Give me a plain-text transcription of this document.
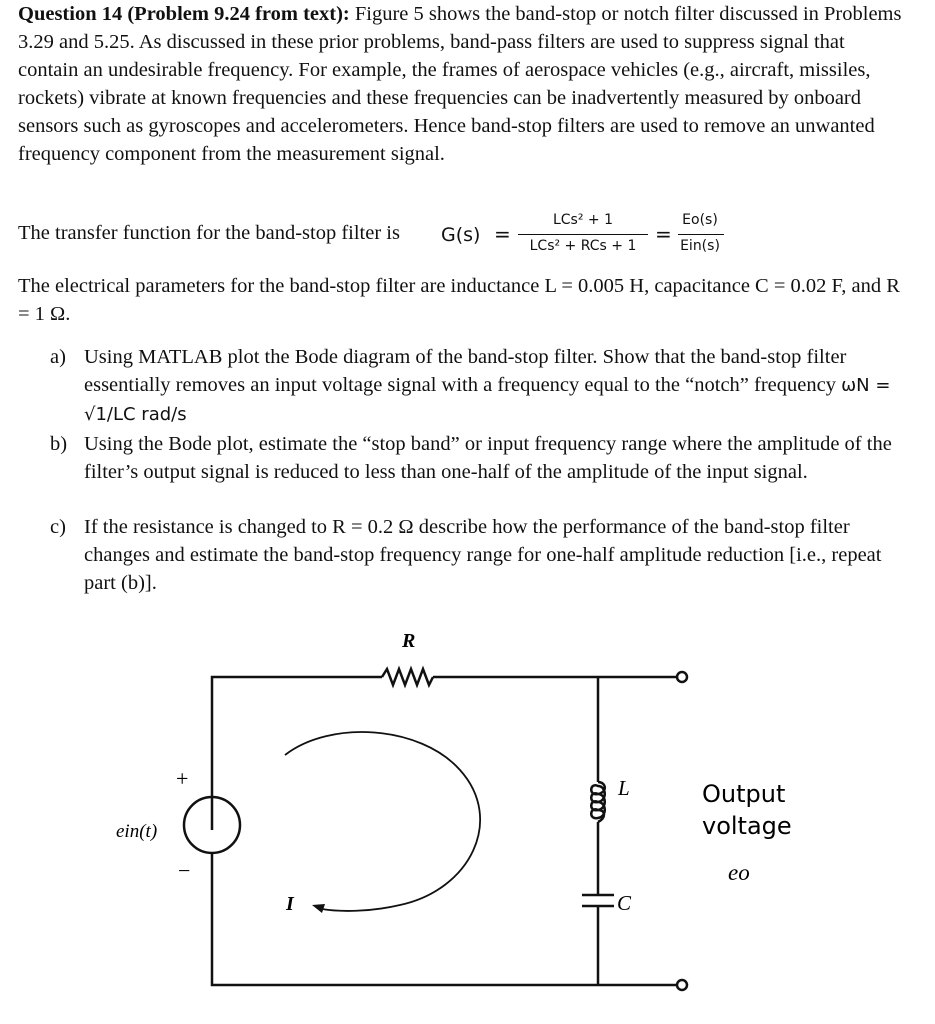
Question 14 (Problem 9.24 from text): Figure 5 shows the band-stop or notch filter discussed in Problems 3.29 and 5.25. As discussed in these prior problems, band-pass filters are used to suppress signal that contain an undesirable frequency. For example, the frames of aerospace vehicles (e.g., aircraft, missiles, rockets) vibrate at known frequencies and these frequencies can be inadvertently measured by onboard sensors such as gyroscopes and accelerometers. Hence band-stop filters are used to remove an unwanted frequency component from the measurement signal.
The transfer function for the band-stop filter is G(s) =
LCs² + 1
LCs² + RCs + 1 =
Eo(s)
Ein(s)
The electrical parameters for the band-stop filter are inductance L = 0.005 H, capacitance C = 0.02 F, and R = 1 Ω.
a) Using MATLAB plot the Bode diagram of the band-stop filter. Show that the band-stop filter essentially removes an input voltage signal with a frequency equal to the “notch” frequency ωN = √1/LC rad/s
b) Using the Bode plot, estimate the “stop band” or input frequency range where the amplitude of the filter’s output signal is reduced to less than one-half of the amplitude of the input signal.
c) If the resistance is changed to R = 0.2 Ω describe how the performance of the band-stop filter changes and estimate the band-stop frequency range for one-half amplitude reduction [i.e., repeat part (b)].
R
L
C
+
−
ein(t)
I
Output
voltage
eo
